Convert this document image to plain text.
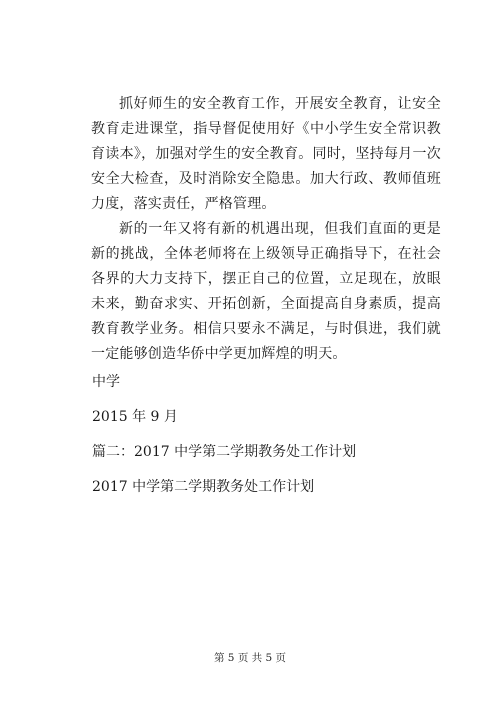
抓好师生的安全教育工作，开展安全教育，让安全教育走进课堂，指导督促使用好《中小学生安全常识教育读本》，加强对学生的安全教育。同时，坚持每月一次安全大检查，及时消除安全隐患。加大行政、教师值班力度，落实责任，严格管理。

新的一年又将有新的机遇出现，但我们直面的更是新的挑战，全体老师将在上级领导正确指导下，在社会各界的大力支持下，摆正自己的位置，立足现在，放眼未来，勤奋求实、开拓创新，全面提高自身素质，提高教育教学业务。相信只要永不满足，与时俱进，我们就一定能够创造华侨中学更加辉煌的明天。

中学

2015 年 9 月

篇二：2017 中学第二学期教务处工作计划

2017 中学第二学期教务处工作计划

第 5 页 共 5 页
